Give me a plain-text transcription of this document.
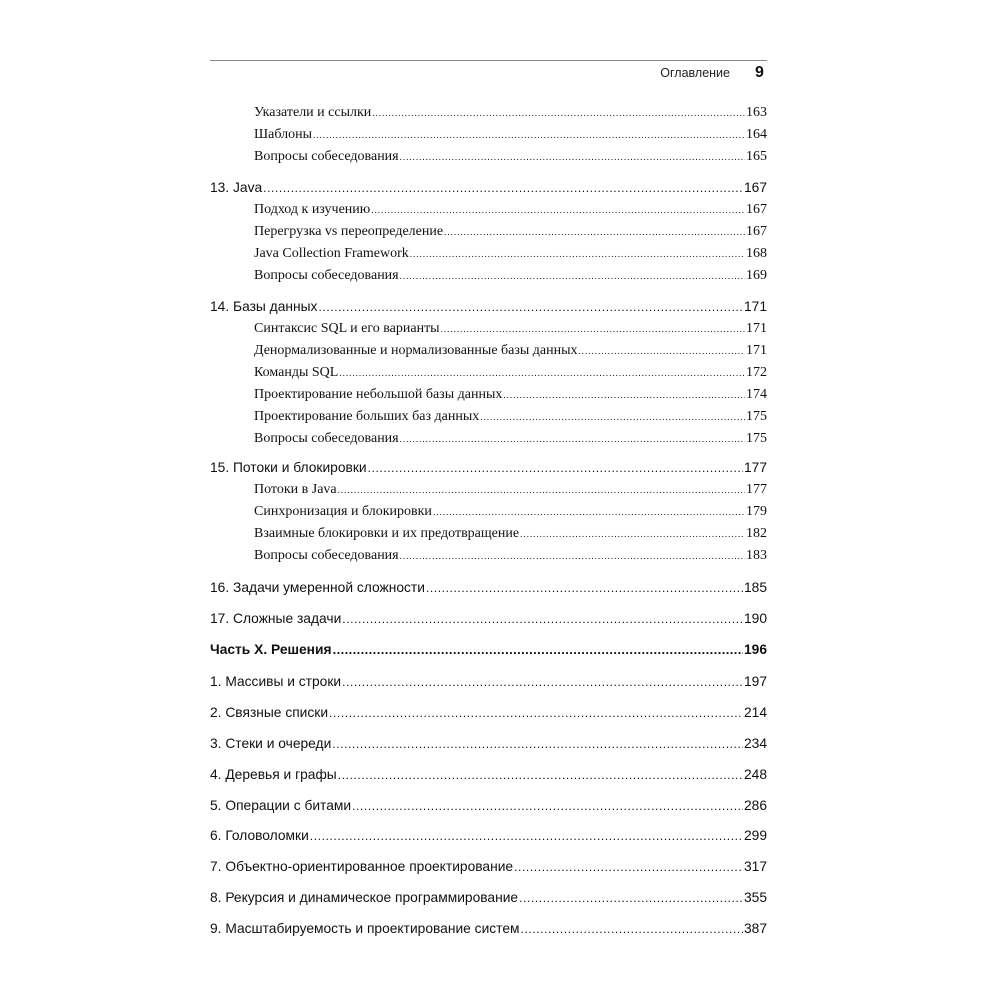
Оглавление 9
Указатели и ссылки .....	163
Шаблоны .....	164
Вопросы собеседования .....	165
13. Java .....	167
Подход к изучению .....	167
Перегрузка vs переопределение .....	167
Java Collection Framework .....	168
Вопросы собеседования .....	169
14. Базы данных .....	171
Синтаксис SQL и его варианты .....	171
Денормализованные и нормализованные базы данных .....	171
Команды SQL .....	172
Проектирование небольшой базы данных .....	174
Проектирование больших баз данных .....	175
Вопросы собеседования .....	175
15. Потоки и блокировки .....	177
Потоки в Java .....	177
Синхронизация и блокировки .....	179
Взаимные блокировки и их предотвращение .....	182
Вопросы собеседования .....	183
16. Задачи умеренной сложности .....	185
17. Сложные задачи .....	190
Часть X. Решения .....	196
1. Массивы и строки .....	197
2. Связные списки .....	214
3. Стеки и очереди .....	234
4. Деревья и графы .....	248
5. Операции с битами .....	286
6. Головоломки .....	299
7. Объектно-ориентированное проектирование .....	317
8. Рекурсия и динамическое программирование .....	355
9. Масштабируемость и проектирование систем .....	387
